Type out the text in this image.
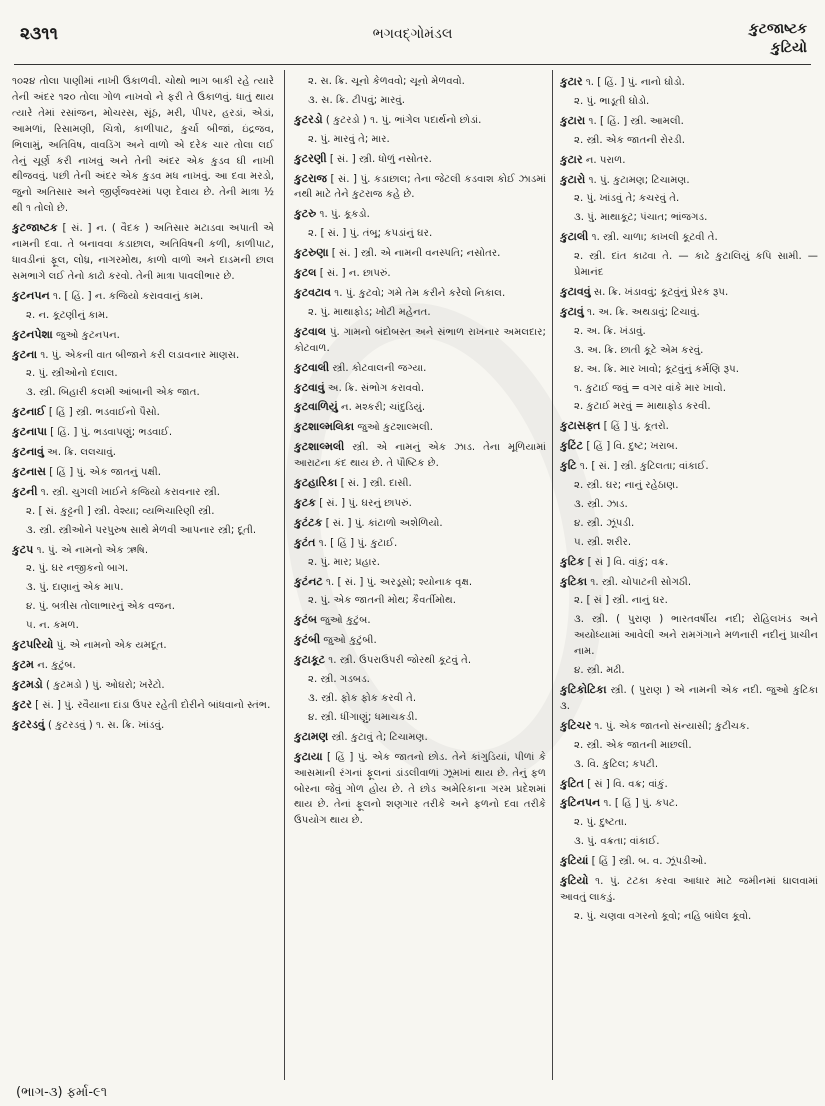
૨૩૧૧	ભગવદ્ગોમંડલ	કુટજાષ્ટક
કુટિયો
૧૦૨૪ તોલા પાણીમાં નાખી ઉકાળવી. ચોથો ભાગ બાકી રહે ત્યારે તેની અંદર ૧૨૦ તોલા ગોળ નાખવો ને ફરી તે ઉકાળવું. ધાતું થાય ત્યારે તેમાં રસાંજન, મોચરસ, સૂંઠ, મરી, પીપર, હરડાં, એડાં, આમળાં, રિસામણી, ચિત્રો, કાળીપાટ, કુર્ચા બીજાં, ઇંદ્રજવ, ભિલામું, અતિવિષ, વાવડિંગ અને વાળો એ દરેક ચાર તોલા લઈ તેનું ચૂર્ણ કરી નાખવું અને તેની અંદર એક કુડવ ઘી નાખી થીજવવું. પછી તેની અંદર એક કુડવ મધ નાખવું. આ દવા મરડો, જુનો અતિસાર અને જીર્ણજ્વરમાં પણ દેવાય છે. તેની માત્રા ½ થી ૧ તોલો છે.
કુટજાષ્ટક [ સં. ] ન. ( વૈદક ) અતિસાર મટાડવા અપાતી એ નામની દવા. તે બનાવવા કડાછાલ, અતિવિષની કળી, કાળીપાટ, ધાવડીનાં ફૂલ, લોધ્ર, નાગરમોથ, કાળો વાળો અને દાડમની છાલ સમભાગે લઈ તેનો કાઢો કરવો. તેની માત્રા પાવલીભાર છે.
કુટનપન ૧. [ હિં. ] ન. કજિયો કરાવવાનું કામ.
૨. ન. કૂટણીનું કામ.
કુટનપેશા જુઓ કુટનપન.
કુટના ૧. પું. એકની વાત બીજાને કરી લડાવનાર માણસ.
૨. પું. સ્ત્રીઓનો દલાલ.
૩. સ્ત્રી. બિહારી કલમી આંબાની એક જાત.
કુટનાઈ [ હિં ] સ્ત્રી. ભડવાઈનો પૈસો.
કુટનાપા [ હિં. ] પું. ભડવાપણું; ભડવાઈ.
કુટનાવું અ. ક્રિ. લલચાવું.
કુટનાસ [ હિં ] પું. એક જાતનું પક્ષી.
કુટની ૧. સ્ત્રી. ચુગલી ખાઈને કજિયો કરાવનાર સ્ત્રી.
૨. [ સં. કુટ્ટની ] સ્ત્રી. વેશ્યા; વ્યભિચારિણી સ્ત્રી.
૩. સ્ત્રી. સ્ત્રીઓને પરપુરુષ સાથે મેળવી આપનાર સ્ત્રી; દૂતી.
કુટપ ૧. પું. એ નામનો એક ઋષિ.
૨. પું. ઘર નજીકનો બાગ.
૩. પું. દાણાનું એક માપ.
૪. પું. બત્રીસ તોલાભારનું એક વજન.
૫. ન. કમળ.
કુટપરિયો પું. એ નામનો એક યમદૂત.
કુટમ ન. કુટુંબ.
કુટમડો ( કુટમડો ) પું. ઓઘરો; ખરેટો.
કુટર [ સં. ] પું. રવૈયાના દાંડા ઉપર રહેતી દોરીને બાંધવાનો સ્તંભ.
કુટરડવું ( કુટરડવું ) ૧. સ. ક્રિ. ખાંડવું.
૨. સ. ક્રિ. ચૂનો કેળવવો; ચૂનો મેળવવો.
૩. સ. ક્રિ. ટીપવું; મારવું.
કુટરડો ( કુટરડો ) ૧. પું. ભાંગેલ પદાર્થનો છોડાં.
૨. પું. મારવું તે; માર.
કુટરણી [ સં. ] સ્ત્રી. ધોળું નસોતર.
કુટરાજ [ સં. ] પું. કડાછાલ; તેના જેટલી કડવાશ કોઈ ઝાડમાં નથી માટે તેને કુટરાજ કહે છે.
કુટરુ ૧. પું. કૂકડો.
૨. [ સં. ] પું. તંબૂ; કપડાંનું ઘર.
કુટરુણા [ સં. ] સ્ત્રી. એ નામની વનસ્પતિ; નસોતર.
કુટલ [ સં. ] ન. છાપરું.
કુટવટાવ ૧. પું. કુટવો; ગમે તેમ કરીને કરેલો નિકાલ.
૨. પું. માથાફોડ; ખોટી મહેનત.
કુટવાલ પું. ગામનો બંદોબસ્ત અને સંભાળ રાખનાર અમલદાર; કોટવાળ.
કુટવાલી સ્ત્રી. કોટવાલની જગ્યા.
કુટવાવું અ. ક્રિ. સંભોગ કરાવવો.
કુટવાળિયું ન. મશ્કરી; ચાંદુડિયું.
કુટશાલ્મલિકા જુઓ કુટશાલ્મલી.
કુટશાલ્મલી સ્ત્રી. એ નામનું એક ઝાડ. તેના મૂળિયામાં આરાટના કંદ થાય છે. તે પૌષ્ટિક છે.
કુટહારિકા [ સં. ] સ્ત્રી. દાસી.
કુટક [ સં. ] પું. ઘરનું છાપરું.
કુટંટક [ સં. ] પું. કાંટાળો અશેળિયો.
કુટંત ૧. [ હિં ] પું. કુટાઈ.
૨. પું. માર; પ્રહાર.
કુટંનટ ૧. [ સં. ] પું. અરડૂસો; શ્યોનાક વૃક્ષ.
૨. પું. એક જાતની મોથ; કૈવર્તીમોથ.
કુટંબ જુઓ કુટુંબ.
કુટંબી જુઓ કુટુંબી.
કુટાકૂટ ૧. સ્ત્રી. ઉપરાઉપરી જોરથી કૂટવું તે.
૨. સ્ત્રી. ગડબડ.
૩. સ્ત્રી. ફોક ફોક કરવી તે.
૪. સ્ત્રી. ધીંગાણું; ધમાચકડી.
કુટામણ સ્ત્રી. કુટાવું તે; ટિચામણ.
કુટાયા [ હિં ] પું. એક જાતનો છોડ. તેને કાંગુડિયાં, પીળાં કે આસમાની રંગનાં ફૂલનાં ડાંડલીવાળાં ઝૂમખાં થાય છે. તેનું ફળ બોરના જેવું ગોળ હોય છે. તે છોડ અમેરિકાના ગરમ પ્રદેશમાં થાય છે. તેનાં ફૂલનો શણગાર તરીકે અને ફળનો દવા તરીકે ઉપયોગ થાય છે.
કુટાર ૧. [ હિં. ] પું. નાનો ઘોડો.
૨. પું. ભાડૂતી ઘોડો.
કુટારા ૧. [ હિં. ] સ્ત્રી. આમલી.
૨. સ્ત્રી. એક જાતની રોરડી.
કુટાર ન. પરાળ.
કુટારો ૧. પું. કુટામણ; ટિચામણ.
૨. પું. ખાંડવું તે; કચરવું તે.
૩. પું. માથાકૂટ; પંચાત; ભાંજગડ.
કુટાલી ૧. સ્ત્રી. ચાળા; કાખલી કૂટવી તે.
૨. સ્ત્રી. દાંત કાઢવા તે. — કાઢે કુટાલિયું કપિ સામી. — પ્રેમાનંદ
કુટાવવું સ. ક્રિ. ખંડાવવું; કૂટવુંનું પ્રેરક રૂપ.
કુટાવું ૧. અ. ક્રિ. અથડાવું; ટિચાવું.
૨. અ. ક્રિ. ખંડાવું.
૩. અ. ક્રિ. છાતી કૂટે એમ કરવું.
૪. અ. ક્રિ. માર ખાવો; કૂટવુંનું કર્મણિ રૂપ.
૧. કુટાઈ જવું = વગર વાંકે માર ખાવો.
૨. કુટાઈ મરવું = માથાફોડ કરવી.
કુટાસફ્ત [ હિં ] પું. કૂતરો.
કુટિંટ [ હિં ] વિ. દુષ્ટ; ખરાબ.
કુટિ ૧. [ સં. ] સ્ત્રી. કુટિલતા; વાંકાઈ.
૨. સ્ત્રી. ઘર; નાનું રહેઠાણ.
૩. સ્ત્રી. ઝાડ.
૪. સ્ત્રી. ઝૂંપડી.
૫. સ્ત્રી. શરીર.
કુટિક [ સં ] વિ. વાંકું; વક્ર.
કુટિકા ૧. સ્ત્રી. ચોપાટની સોગઠી.
૨. [ સં ] સ્ત્રી. નાનું ઘર.
૩. સ્ત્રી. ( પુરાણ ) ભારતવર્ષીય નદી; રોહિલખંડ અને અયોધ્યામાં આવેલી અને રામગંગાને મળનારી નદીનું પ્રાચીન નામ.
૪. સ્ત્રી. મઢી.
કુટિકોટિકા સ્ત્રી. ( પુરાણ ) એ નામની એક નદી. જુઓ કુટિકા ૩.
કુટિચર ૧. પું. એક જાતનો સંન્યાસી; કુટીચક.
૨. સ્ત્રી. એક જાતની માછલી.
૩. વિ. કુટિલ; કપટી.
કુટિત [ સં ] વિ. વક્ર; વાંકું.
કુટિનપન ૧. [ હિં ] પું. કપટ.
૨. પું. દુષ્ટતા.
૩. પું. વક્રતા; વાંકાઈ.
કુટિયાં [ હિં ] સ્ત્રી. બ. વ. ઝૂંપડીઓ.
કુટિયો ૧. પું. ટટકા કરવા આધાર માટે જમીનમાં ઘાલવામાં આવતું લાકડું.
૨. પું. ચણવા વગરનો કૂવો; નહિ બાંધેલ કૂવો.
(ભાગ-૩) ફર્મા-૯૧
